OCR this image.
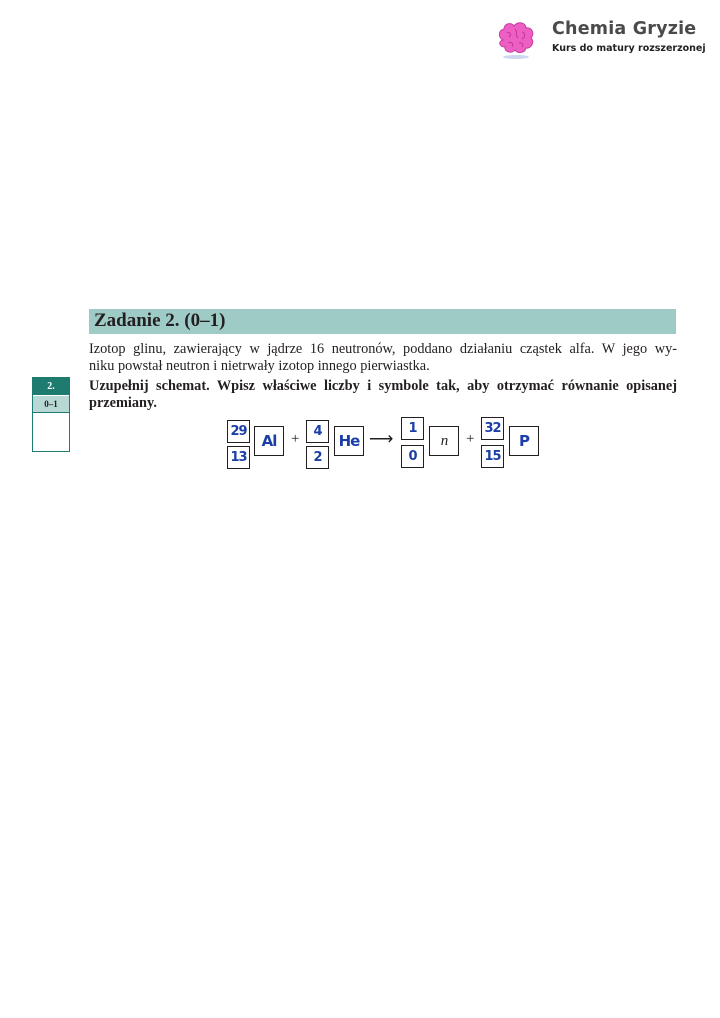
Chemia Gryzie
Kurs do matury rozszerzonej
Zadanie 2. (0–1)
2.
0–1
Izotop glinu, zawierający w jądrze 16 neutronów, poddano działaniu cząstek alfa. W jego wy-
niku powstał neutron i nietrwały izotop innego pierwiastka.
Uzupełnij schemat. Wpisz właściwe liczby i symbole tak, aby otrzymać równanie opisanej
przemiany.
29
13
Al +	4
2
He ⟶
1
0
n	+
32
15
P
